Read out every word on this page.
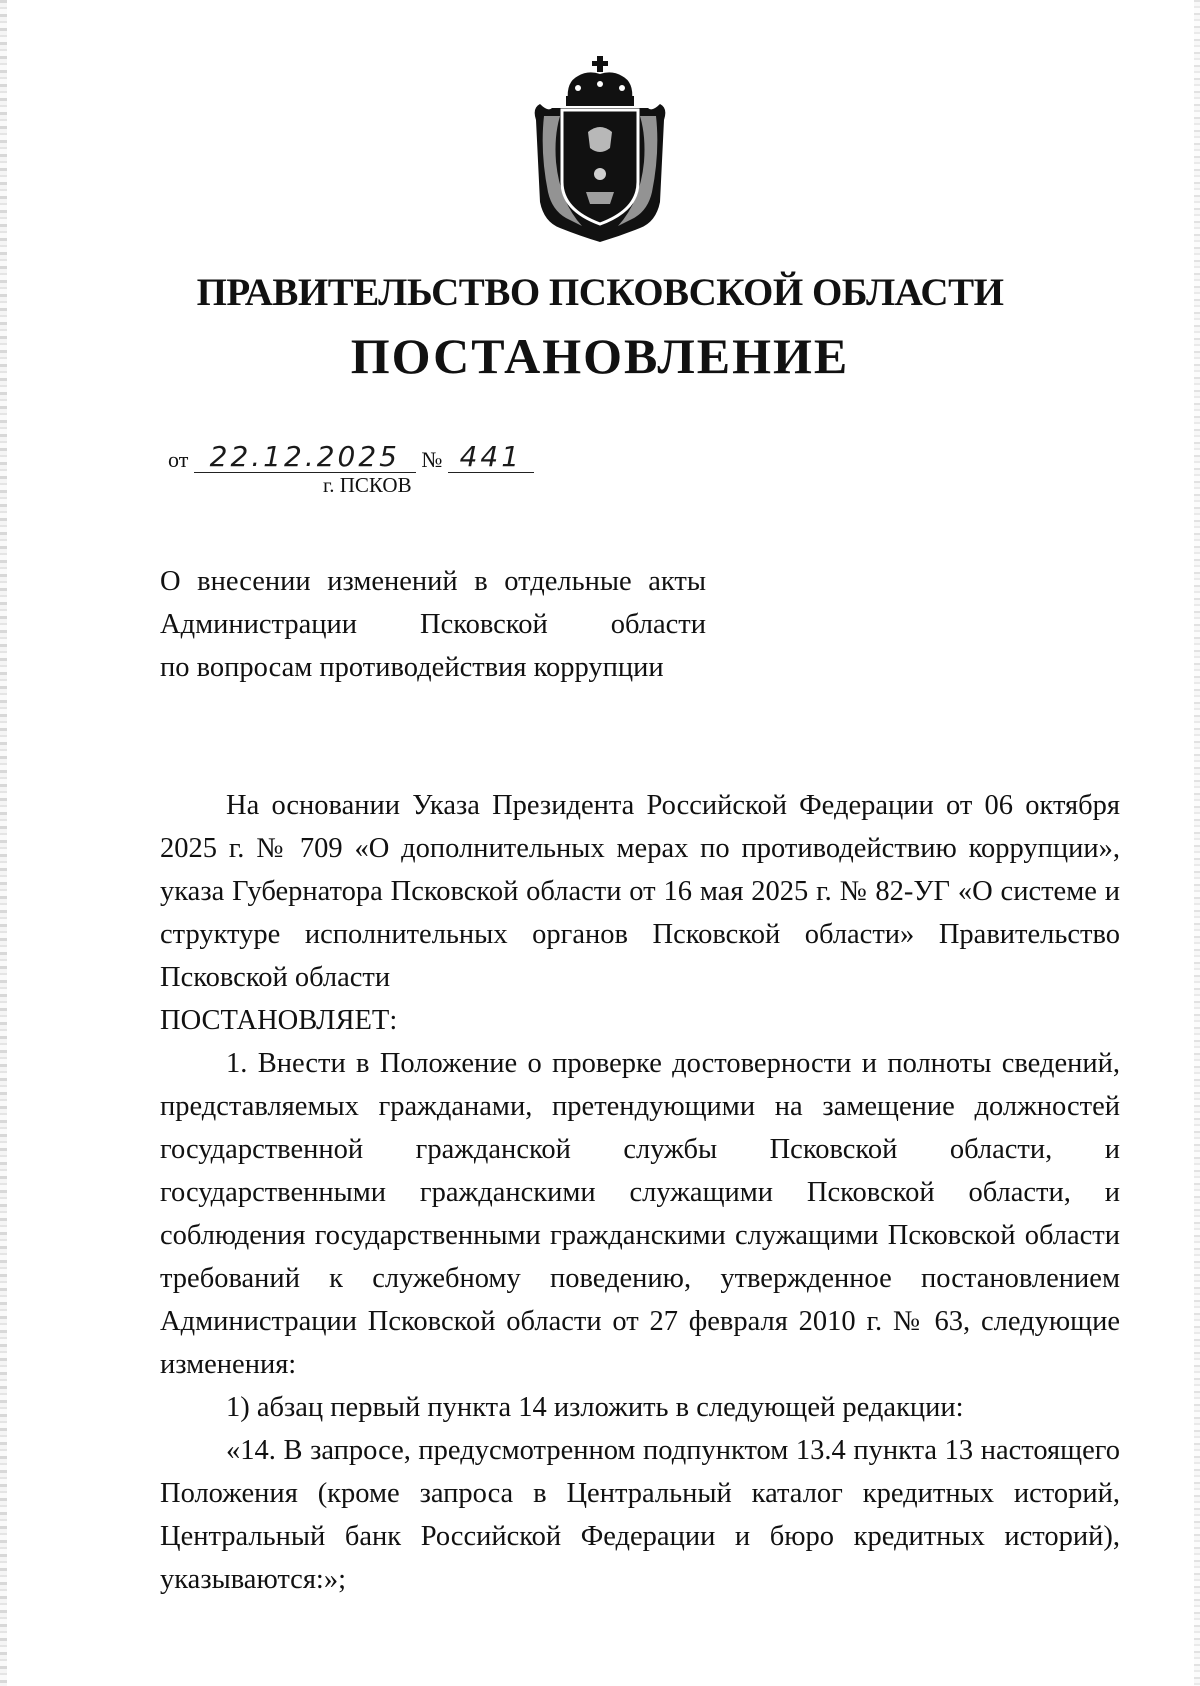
ПРАВИТЕЛЬСТВО ПСКОВСКОЙ ОБЛАСТИ
ПОСТАНОВЛЕНИЕ
от 22.12.2025 № 441
г. ПСКОВ
О внесении изменений в отдельные акты
Администрации Псковской области
по вопросам противодействия коррупции

На основании Указа Президента Российской Федерации от 06 октября 2025 г. № 709 «О дополнительных мерах по противодействию коррупции», указа Губернатора Псковской области от 16 мая 2025 г. № 82-УГ «О системе и структуре исполнительных органов Псковской области» Правительство Псковской области

ПОСТАНОВЛЯЕТ:

1. Внести в Положение о проверке достоверности и полноты сведений, представляемых гражданами, претендующими на замещение должностей государственной гражданской службы Псковской области, и государственными гражданскими служащими Псковской области, и соблюдения государственными гражданскими служащими Псковской области требований к служебному поведению, утвержденное постановлением Администрации Псковской области от 27 февраля 2010 г. № 63, следующие изменения:

1) абзац первый пункта 14 изложить в следующей редакции:

«14. В запросе, предусмотренном подпунктом 13.4 пункта 13 настоящего Положения (кроме запроса в Центральный каталог кредитных историй, Центральный банк Российской Федерации и бюро кредитных историй), указываются:»;
